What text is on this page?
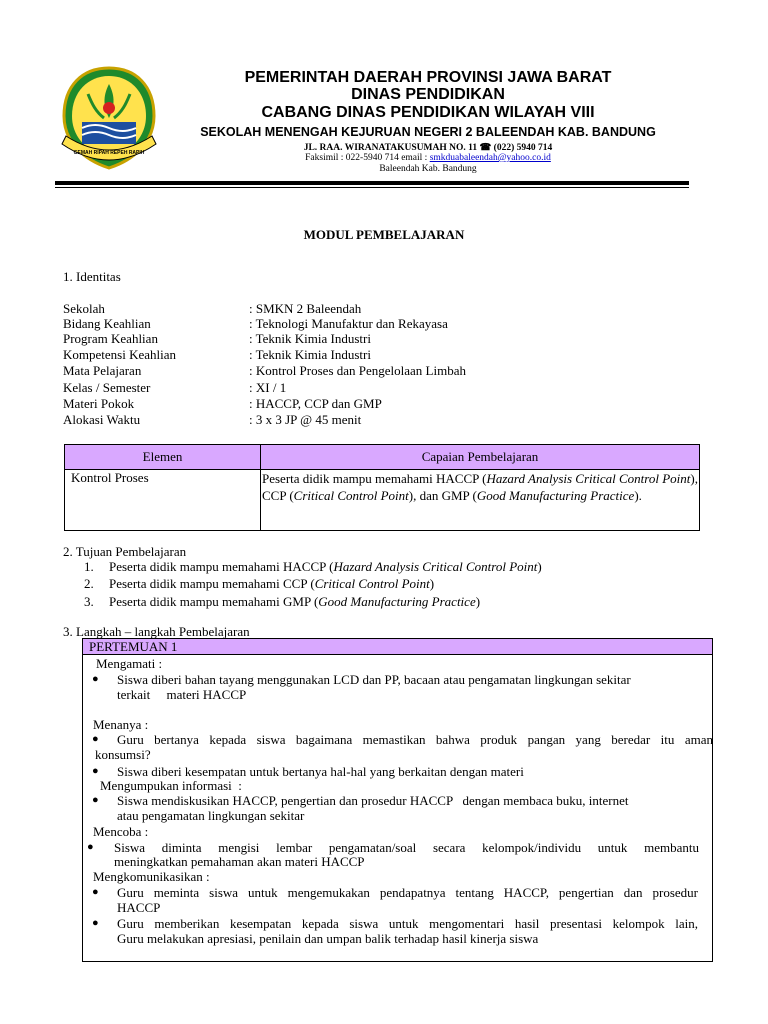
GEMAH RIPAH REPEH RAPIH
PEMERINTAH DAERAH PROVINSI JAWA BARAT
DINAS PENDIDIKAN
CABANG DINAS PENDIDIKAN WILAYAH VIII
SEKOLAH MENENGAH KEJURUAN NEGERI 2 BALEENDAH KAB. BANDUNG
JL. RAA. WIRANATAKUSUMAH NO. 11 ☎ (022) 5940 714
Faksimil : 022-5940 714 email : smkduabaleendah@yahoo.co.id
Baleendah Kab. Bandung
MODUL PEMBELAJARAN
1. Identitas
Sekolah	: SMKN 2 Baleendah
Bidang Keahlian	: Teknologi Manufaktur dan Rekayasa
Program Keahlian	: Teknik Kimia Industri
Kompetensi Keahlian	: Teknik Kimia Industri
Mata Pelajaran	: Kontrol Proses dan Pengelolaan Limbah
Kelas / Semester	: XI / 1
Materi Pokok	: HACCP, CCP dan GMP
Alokasi Waktu	: 3 x 3 JP @ 45 menit
Elemen	Capaian Pembelajaran
Kontrol Proses	Peserta didik mampu memahami HACCP (Hazard Analysis Critical Control Point), CCP (Critical Control Point), dan GMP (Good Manufacturing Practice).
2. Tujuan Pembelajaran
1. Peserta didik mampu memahami HACCP (Hazard Analysis Critical Control Point)
2. Peserta didik mampu memahami CCP (Critical Control Point)
3. Peserta didik mampu memahami GMP (Good Manufacturing Practice)
3. Langkah – langkah Pembelajaran
PERTEMUAN 1
Mengamati :
● Siswa diberi bahan tayang menggunakan LCD dan PP, bacaan atau pengamatan lingkungan sekitar
terkait     materi HACCP
Menanya :
● Guru bertanya kepada siswa bagaimana memastikan bahwa produk pangan yang beredar itu aman
konsumsi?
● Siswa diberi kesempatan untuk bertanya hal-hal yang berkaitan dengan materi
Mengumpukan informasi  :
● Siswa mendiskusikan HACCP, pengertian dan prosedur HACCP   dengan membaca buku, internet
atau pengamatan lingkungan sekitar
Mencoba :
● Siswa diminta mengisi lembar pengamatan/soal secara kelompok/individu untuk membantu
meningkatkan pemahaman akan materi HACCP
Mengkomunikasikan :
● Guru meminta siswa untuk mengemukakan pendapatnya tentang HACCP, pengertian dan prosedur
HACCP
● Guru memberikan kesempatan kepada siswa untuk mengomentari hasil presentasi kelompok lain,
Guru melakukan apresiasi, penilain dan umpan balik terhadap hasil kinerja siswa
